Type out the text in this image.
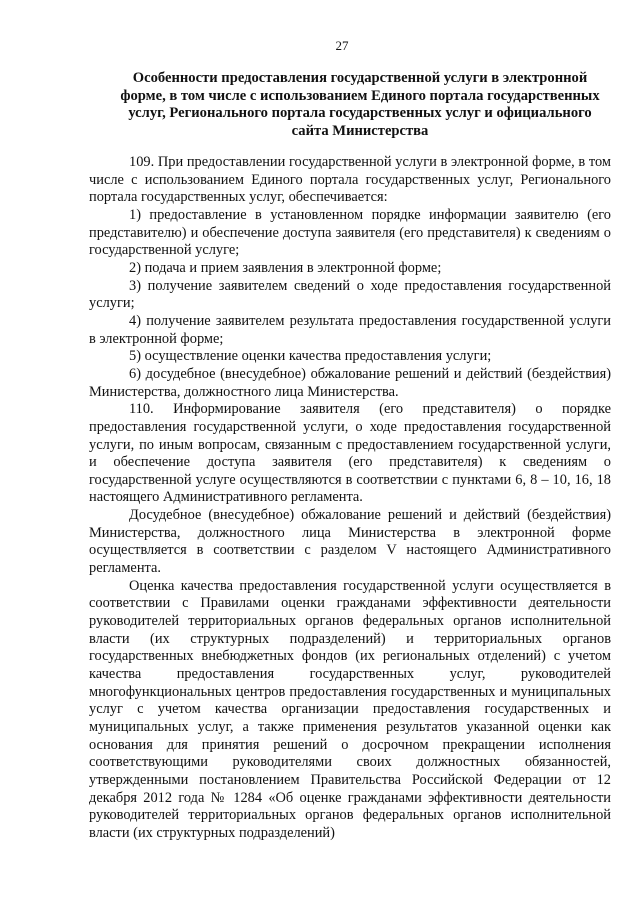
27
Особенности предоставления государственной услуги в электронной форме, в том числе с использованием Единого портала государственных услуг, Регионального портала государственных услуг и официального сайта Министерства

109. При предоставлении государственной услуги в электронной форме, в том числе с использованием Единого портала государственных услуг, Регионального портала государственных услуг, обеспечивается:

1) предоставление в установленном порядке информации заявителю (его представителю) и обеспечение доступа заявителя (его представителя) к сведениям о государственной услуге;

2) подача и прием заявления в электронной форме;

3) получение заявителем сведений о ходе предоставления государственной услуги;

4) получение заявителем результата предоставления государственной услуги в электронной форме;

5) осуществление оценки качества предоставления услуги;

6) досудебное (внесудебное) обжалование решений и действий (бездействия) Министерства, должностного лица Министерства.

110. Информирование заявителя (его представителя) о порядке предоставления государственной услуги, о ходе предоставления государственной услуги, по иным вопросам, связанным с предоставлением государственной услуги, и обеспечение доступа заявителя (его представителя) к сведениям о государственной услуге осуществляются в соответствии с пунктами 6, 8 – 10, 16, 18 настоящего Административного регламента.

Досудебное (внесудебное) обжалование решений и действий (бездействия) Министерства, должностного лица Министерства в электронной форме осуществляется в соответствии с разделом V настоящего Административного регламента.

Оценка качества предоставления государственной услуги осуществляется в соответствии с Правилами оценки гражданами эффективности деятельности руководителей территориальных органов федеральных органов исполнительной власти (их структурных подразделений) и территориальных органов государственных внебюджетных фондов (их региональных отделений) с учетом качества предоставления государственных услуг, руководителей многофункциональных центров предоставления государственных и муниципальных услуг с учетом качества организации предоставления государственных и муниципальных услуг, а также применения результатов указанной оценки как основания для принятия решений о досрочном прекращении исполнения соответствующими руководителями своих должностных обязанностей, утвержденными постановлением Правительства Российской Федерации от 12 декабря 2012 года № 1284 «Об оценке гражданами эффективности деятельности руководителей территориальных органов федеральных органов исполнительной власти (их структурных подразделений)
